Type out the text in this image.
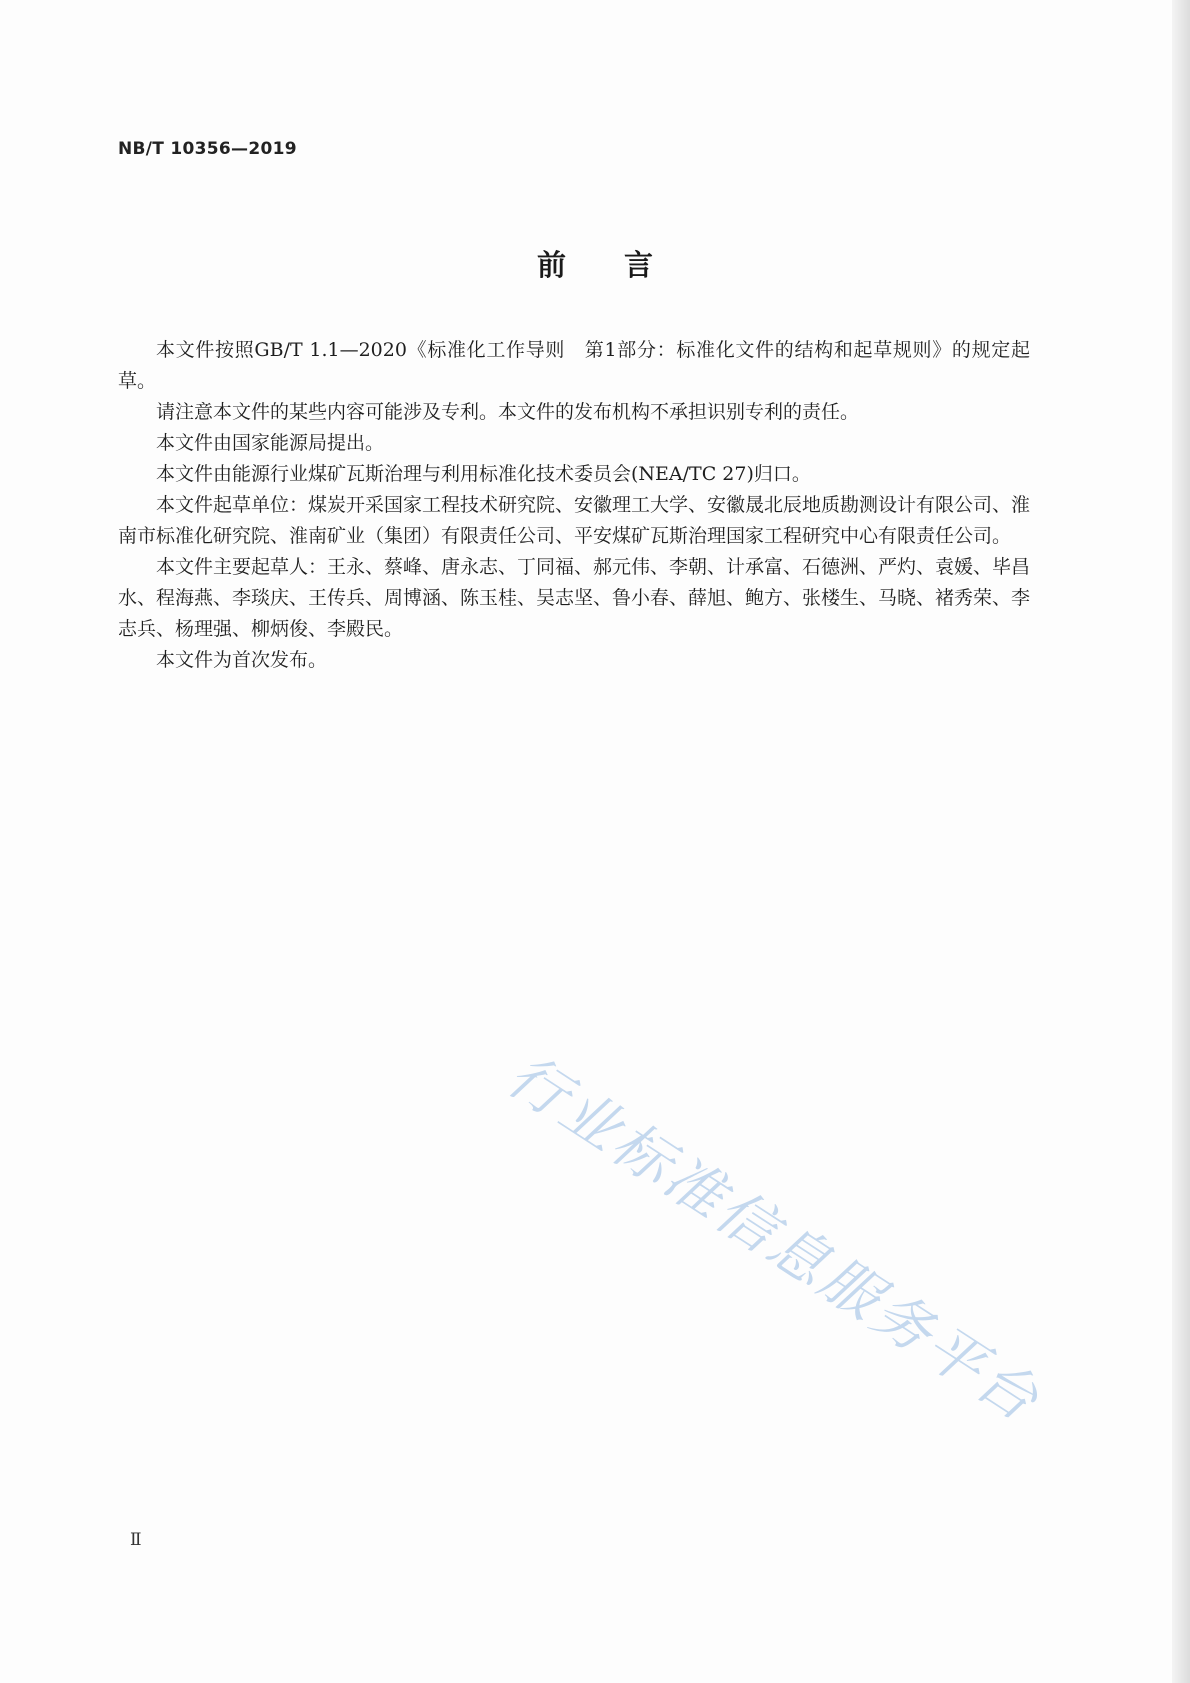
NB/T 10356—2019
前言

本文件按照GB/T 1.1—2020《标准化工作导则　第1部分：标准化文件的结构和起草规则》的规定起草。

请注意本文件的某些内容可能涉及专利。本文件的发布机构不承担识别专利的责任。

本文件由国家能源局提出。

本文件由能源行业煤矿瓦斯治理与利用标准化技术委员会(NEA/TC 27)归口。

本文件起草单位：煤炭开采国家工程技术研究院、安徽理工大学、安徽晟北辰地质勘测设计有限公司、淮南市标准化研究院、淮南矿业（集团）有限责任公司、平安煤矿瓦斯治理国家工程研究中心有限责任公司。

本文件主要起草人：王永、蔡峰、唐永志、丁同福、郝元伟、李朝、计承富、石德洲、严灼、袁媛、毕昌水、程海燕、李琰庆、王传兵、周博涵、陈玉桂、吴志坚、鲁小春、薛旭、鲍方、张楼生、马晓、褚秀荣、李志兵、杨理强、柳炳俊、李殿民。

本文件为首次发布。

Ⅱ
行业标准信息服务平台
